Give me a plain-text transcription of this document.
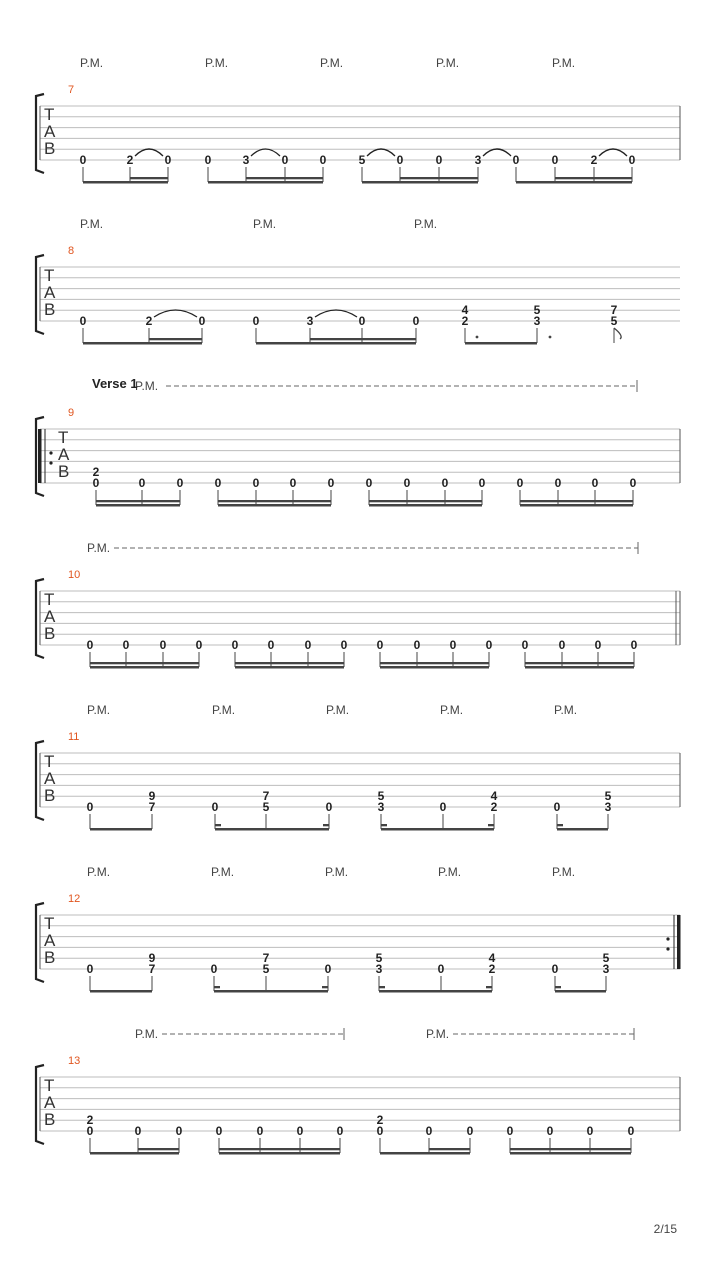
P.M.	P.M.	P.M.	P.M.	P.M.
7
T
A
B
0	2	0	0	3	0	0	5	0	0	3	0	0	2	0
P.M.	P.M.	P.M.
8
T
A
B
0	2	0	0	3	0	0
4
2
5
3
7
5
P.M.
Verse 1
9
T
A
B 2
0	0	0	0	0	0	0	0	0	0	0	0	0	0	0
P.M.
10
T
A
B
0 0	0 0 0 0	0 0 0	0 0 0 0	0 0 0
P.M.	P.M.	P.M.	P.M.	P.M.
11
T
A
B
0
9
7	0
7
5	0
5
3	0
4
2	0
5
3
P.M.	P.M.	P.M.	P.M.	P.M.
12
T
A
B
0
9
7	0
7
5	0
5
3	0
4
2	0
5
3
P.M.	P.M.
13
T
A
B	2
0	0	0	0	0	0	0
2
0	0	0	0	0	0	0
2/15
